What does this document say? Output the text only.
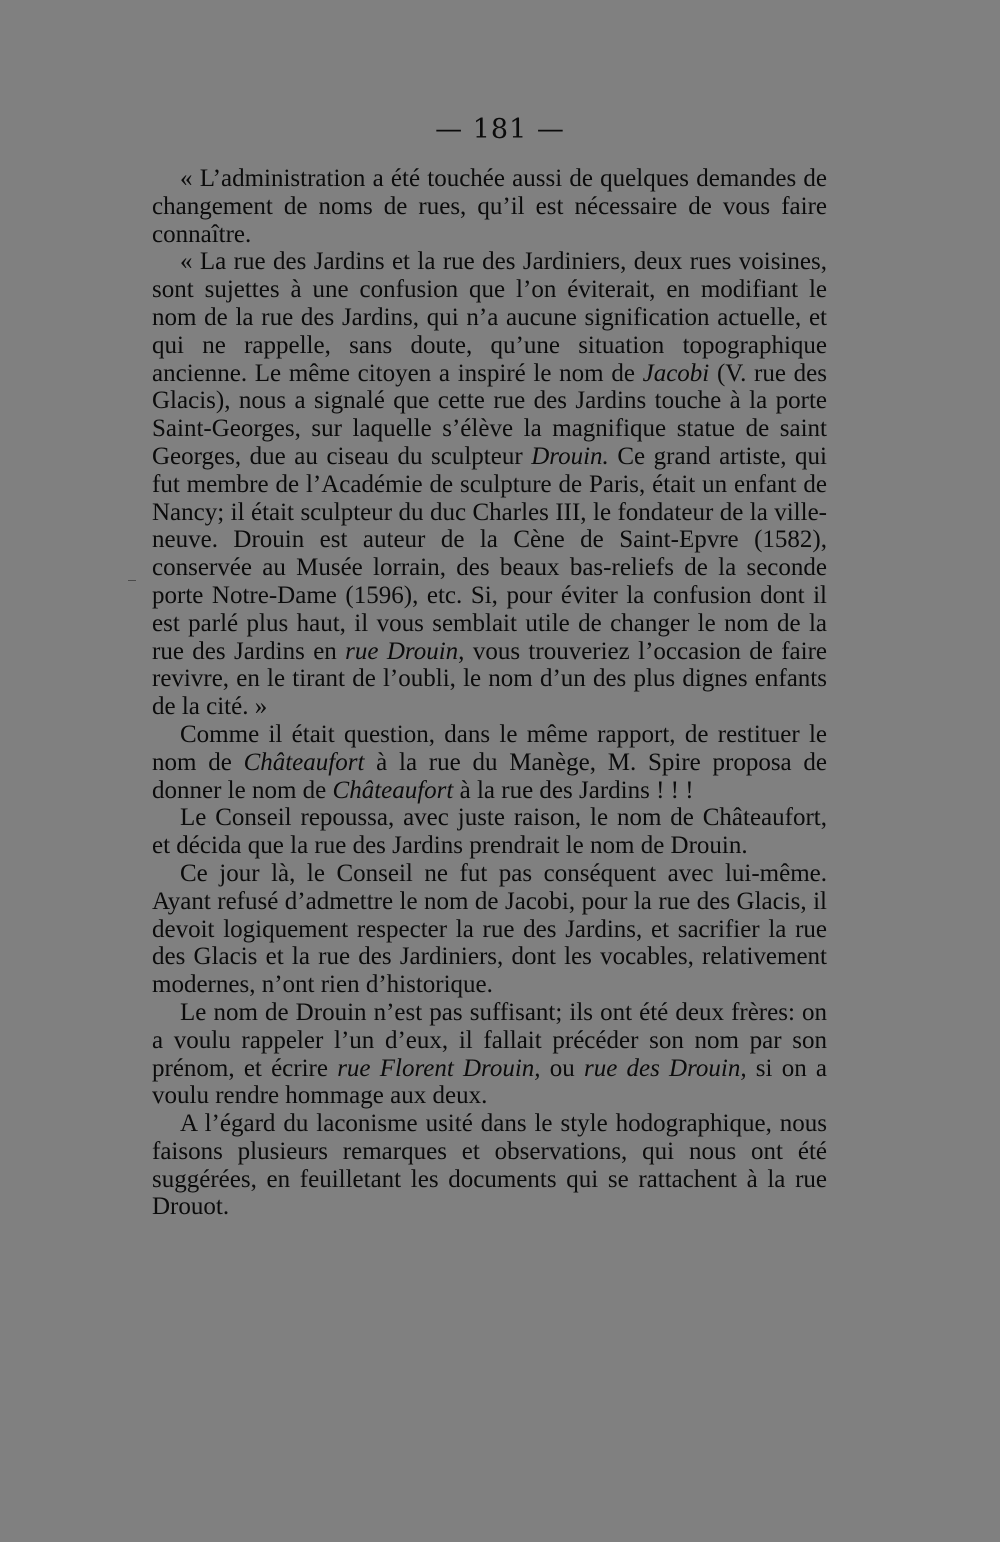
— 181 —

« L’administration a été touchée aussi de quelques demandes de changement de noms de rues, qu’il est nécessaire de vous faire connaître.

« La rue des Jardins et la rue des Jardiniers, deux rues voisines, sont sujettes à une confusion que l’on éviterait, en modifiant le nom de la rue des Jardins, qui n’a aucune signification actuelle, et qui ne rappelle, sans doute, qu’une situation topographique ancienne. Le même citoyen a inspiré le nom de Jacobi (V. rue des Glacis), nous a signalé que cette rue des Jardins touche à la porte Saint-Georges, sur laquelle s’élève la magnifique statue de saint Georges, due au ciseau du sculpteur Drouin. Ce grand artiste, qui fut membre de l’Académie de sculpture de Paris, était un enfant de Nancy; il était sculpteur du duc Charles III, le fondateur de la ville-neuve. Drouin est auteur de la Cène de Saint-Epvre (1582), conservée au Musée lorrain, des beaux bas-reliefs de la seconde porte Notre-Dame (1596), etc. Si, pour éviter la confusion dont il est parlé plus haut, il vous semblait utile de changer le nom de la rue des Jardins en rue Drouin, vous trouveriez l’occasion de faire revivre, en le tirant de l’oubli, le nom d’un des plus dignes enfants de la cité. »

Comme il était question, dans le même rapport, de restituer le nom de Châteaufort à la rue du Manège, M. Spire proposa de donner le nom de Châteaufort à la rue des Jardins ! ! !

Le Conseil repoussa, avec juste raison, le nom de Châteaufort, et décida que la rue des Jardins prendrait le nom de Drouin.

Ce jour là, le Conseil ne fut pas conséquent avec lui-même. Ayant refusé d’admettre le nom de Jacobi, pour la rue des Glacis, il devoit logiquement respecter la rue des Jardins, et sacrifier la rue des Glacis et la rue des Jardiniers, dont les vocables, relativement modernes, n’ont rien d’historique.

Le nom de Drouin n’est pas suffisant; ils ont été deux frères: on a voulu rappeler l’un d’eux, il fallait précéder son nom par son prénom, et écrire rue Florent Drouin, ou rue des Drouin, si on a voulu rendre hommage aux deux.

A l’égard du laconisme usité dans le style hodographique, nous faisons plusieurs remarques et observations, qui nous ont été suggérées, en feuilletant les documents qui se rattachent à la rue Drouot.
